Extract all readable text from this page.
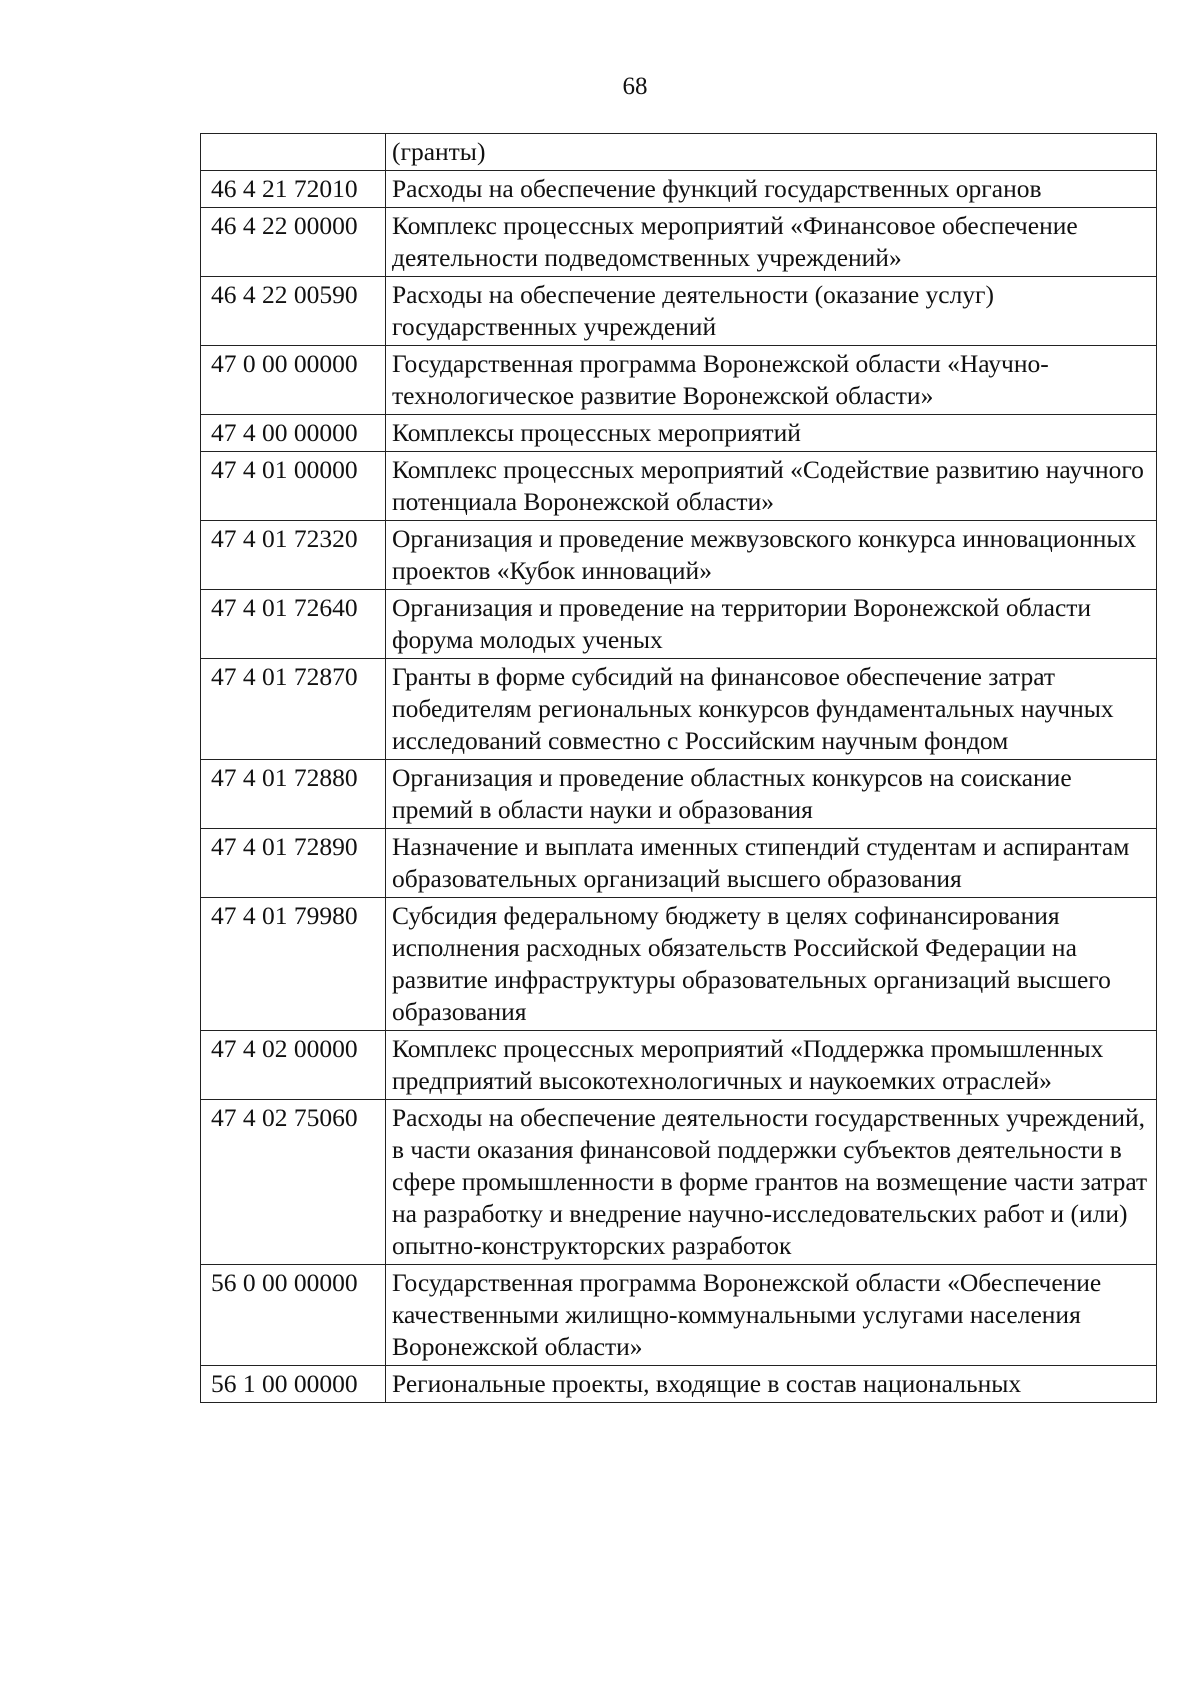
68
	(гранты)
46 4 21 72010	Расходы на обеспечение функций государственных органов
46 4 22 00000	Комплекс процессных мероприятий «Финансовое обеспечение деятельности подведомственных учреждений»
46 4 22 00590	Расходы на обеспечение деятельности (оказание услуг) государственных учреждений
47 0 00 00000	Государственная программа Воронежской области «Научно-технологическое развитие Воронежской области»
47 4 00 00000	Комплексы процессных мероприятий
47 4 01 00000	Комплекс процессных мероприятий «Содействие развитию научного потенциала Воронежской области»
47 4 01 72320	Организация и проведение межвузовского конкурса инновационных проектов «Кубок инноваций»
47 4 01 72640	Организация и проведение на территории Воронежской области форума молодых ученых
47 4 01 72870	Гранты в форме субсидий на финансовое обеспечение затрат победителям региональных конкурсов фундаментальных научных исследований совместно с Российским научным фондом
47 4 01 72880	Организация и проведение областных конкурсов на соискание премий в области науки и образования
47 4 01 72890	Назначение и выплата именных стипендий студентам и аспирантам образовательных организаций высшего образования
47 4 01 79980	Субсидия федеральному бюджету в целях софинансирования исполнения расходных обязательств Российской Федерации на развитие инфраструктуры образовательных организаций высшего образования
47 4 02 00000	Комплекс процессных мероприятий «Поддержка промышленных предприятий высокотехнологичных и наукоемких отраслей»
47 4 02 75060	Расходы на обеспечение деятельности государственных учреждений, в части оказания финансовой поддержки субъектов деятельности в сфере промышленности в форме грантов на возмещение части затрат на разработку и внедрение научно-исследовательских работ и (или) опытно-конструкторских разработок
56 0 00 00000	Государственная программа Воронежской области «Обеспечение качественными жилищно-коммунальными услугами населения Воронежской области»
56 1 00 00000	Региональные проекты, входящие в состав национальных
